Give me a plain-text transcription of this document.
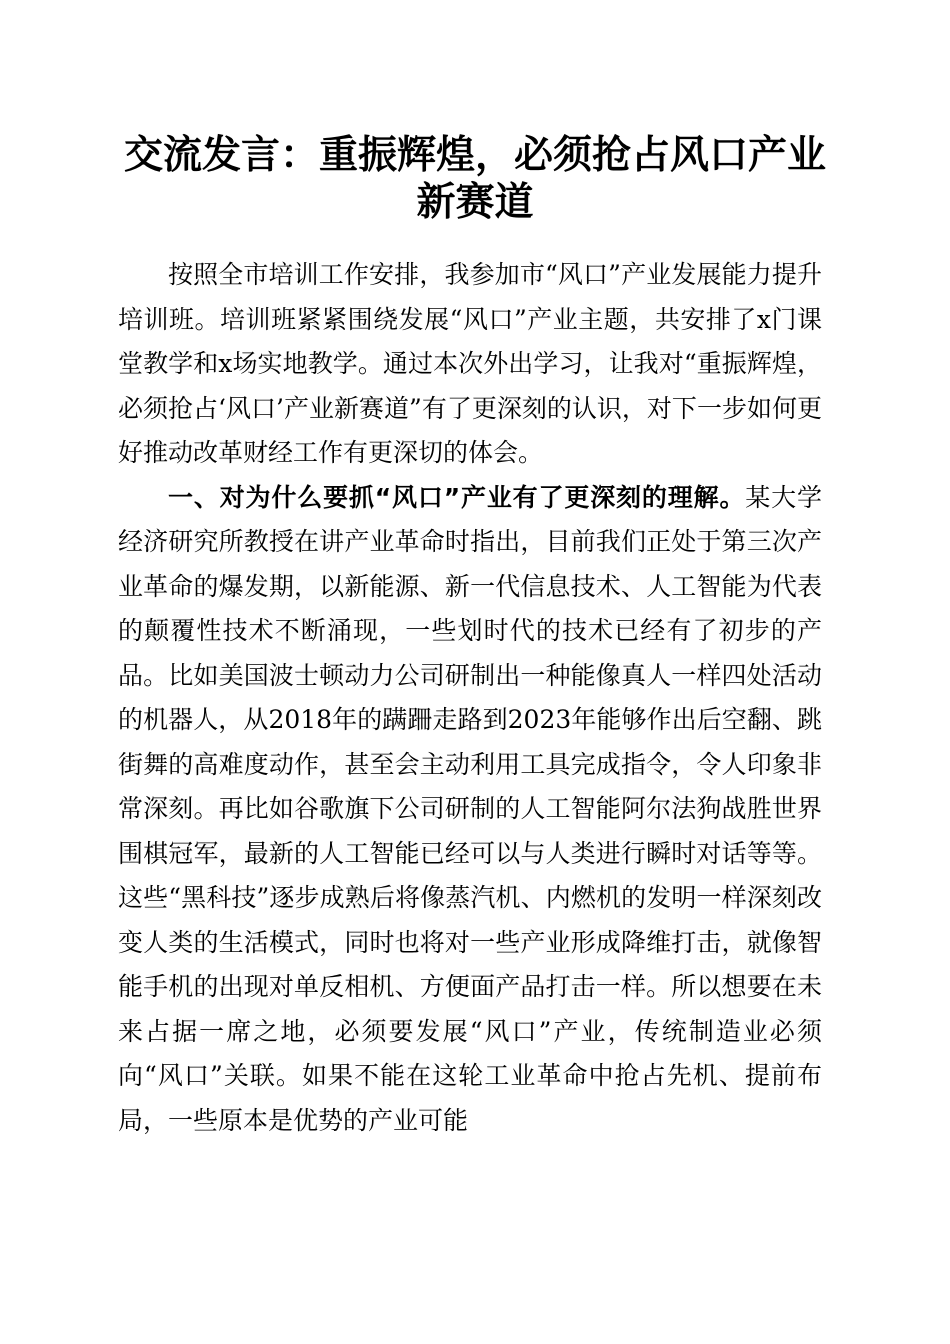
交流发言：重振辉煌，必须抢占风口产业新赛道

按照全市培训工作安排，我参加市“风口”产业发展能力提升培训班。培训班紧紧围绕发展“风口”产业主题，共安排了x门课堂教学和x场实地教学。通过本次外出学习，让我对“重振辉煌，必须抢占‘风口’产业新赛道”有了更深刻的认识，对下一步如何更好推动改革财经工作有更深切的体会。

一、对为什么要抓“风口”产业有了更深刻的理解。某大学经济研究所教授在讲产业革命时指出，目前我们正处于第三次产业革命的爆发期，以新能源、新一代信息技术、人工智能为代表的颠覆性技术不断涌现，一些划时代的技术已经有了初步的产品。比如美国波士顿动力公司研制出一种能像真人一样四处活动的机器人，从2018年的蹒跚走路到2023年能够作出后空翻、跳街舞的高难度动作，甚至会主动利用工具完成指令，令人印象非常深刻。再比如谷歌旗下公司研制的人工智能阿尔法狗战胜世界围棋冠军，最新的人工智能已经可以与人类进行瞬时对话等等。这些“黑科技”逐步成熟后将像蒸汽机、内燃机的发明一样深刻改变人类的生活模式，同时也将对一些产业形成降维打击，就像智能手机的出现对单反相机、方便面产品打击一样。所以想要在未来占据一席之地，必须要发展“风口”产业，传统制造业必须向“风口”关联。如果不能在这轮工业革命中抢占先机、提前布局，一些原本是优势的产业可能
